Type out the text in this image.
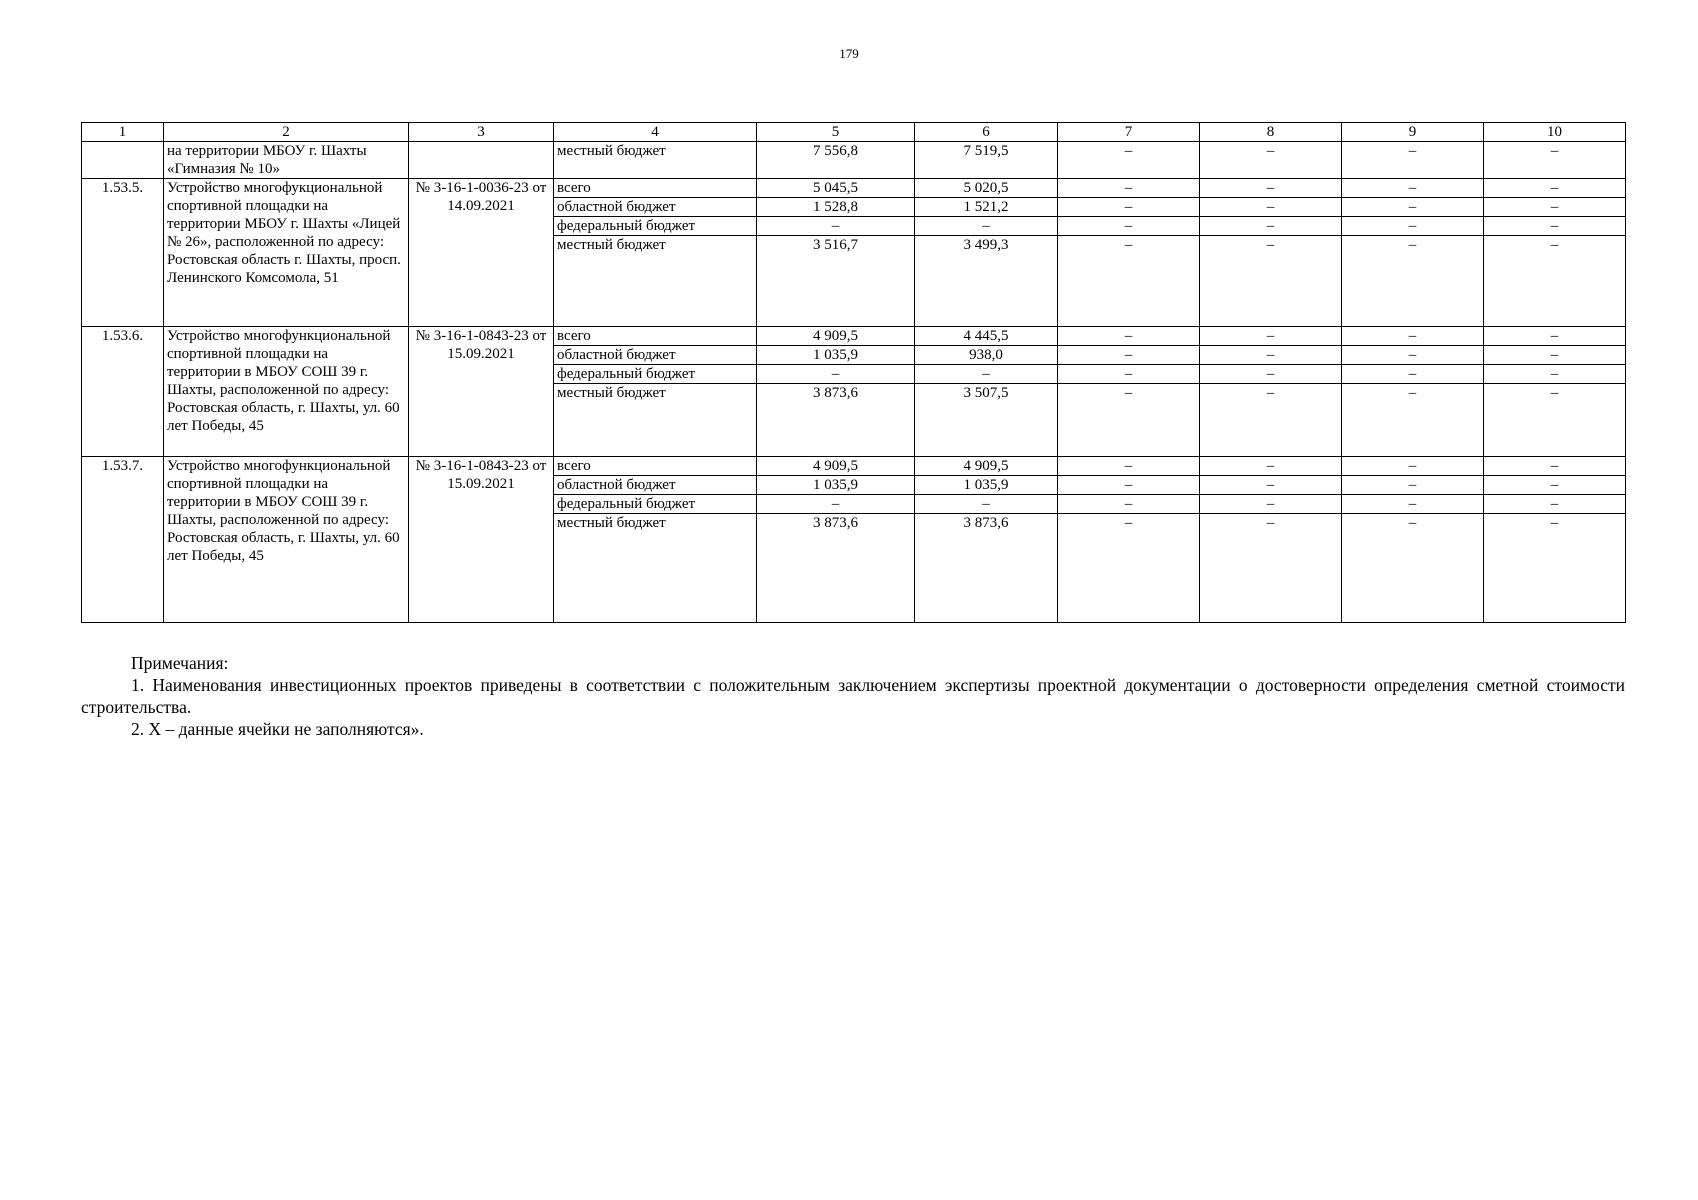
179
1	2	3	4	5	6	7	8	9	10
	на территории МБОУ г. Шахты «Гимназия № 10»		местный бюджет	7 556,8	7 519,5	–	–	–	–
1.53.5.	Устройство многофукциональной спортивной площадки на территории МБОУ г. Шахты «Лицей № 26», расположенной по адресу: Ростовская область г. Шахты, просп. Ленинского Комсомола, 51	№ 3-16-1-0036-23 от 14.09.2021	всего	5 045,5	5 020,5	–	–	–	–
			областной бюджет	1 528,8	1 521,2	–	–	–	–
			федеральный бюджет	–	–	–	–	–	–
			местный бюджет	3 516,7	3 499,3	–	–	–	–
1.53.6.	Устройство многофункциональной спортивной площадки на территории в МБОУ СОШ 39 г. Шахты, расположенной по адресу: Ростовская область, г. Шахты, ул. 60 лет Победы, 45	№ 3-16-1-0843-23 от 15.09.2021	всего	4 909,5	4 445,5	–	–	–	–
			областной бюджет	1 035,9	938,0	–	–	–	–
			федеральный бюджет	–	–	–	–	–	–
			местный бюджет	3 873,6	3 507,5	–	–	–	–
1.53.7.	Устройство многофункциональной спортивной площадки на территории в МБОУ СОШ 39 г. Шахты, расположенной по адресу: Ростовская область, г. Шахты, ул. 60 лет Победы, 45	№ 3-16-1-0843-23 от 15.09.2021	всего	4 909,5	4 909,5	–	–	–	–
			областной бюджет	1 035,9	1 035,9	–	–	–	–
			федеральный бюджет	–	–	–	–	–	–
			местный бюджет	3 873,6	3 873,6	–	–	–	–

Примечания:

1. Наименования инвестиционных проектов приведены в соответствии с положительным заключением экспертизы проектной документации о достоверности определения сметной стоимости строительства.

2. X – данные ячейки не заполняются».
